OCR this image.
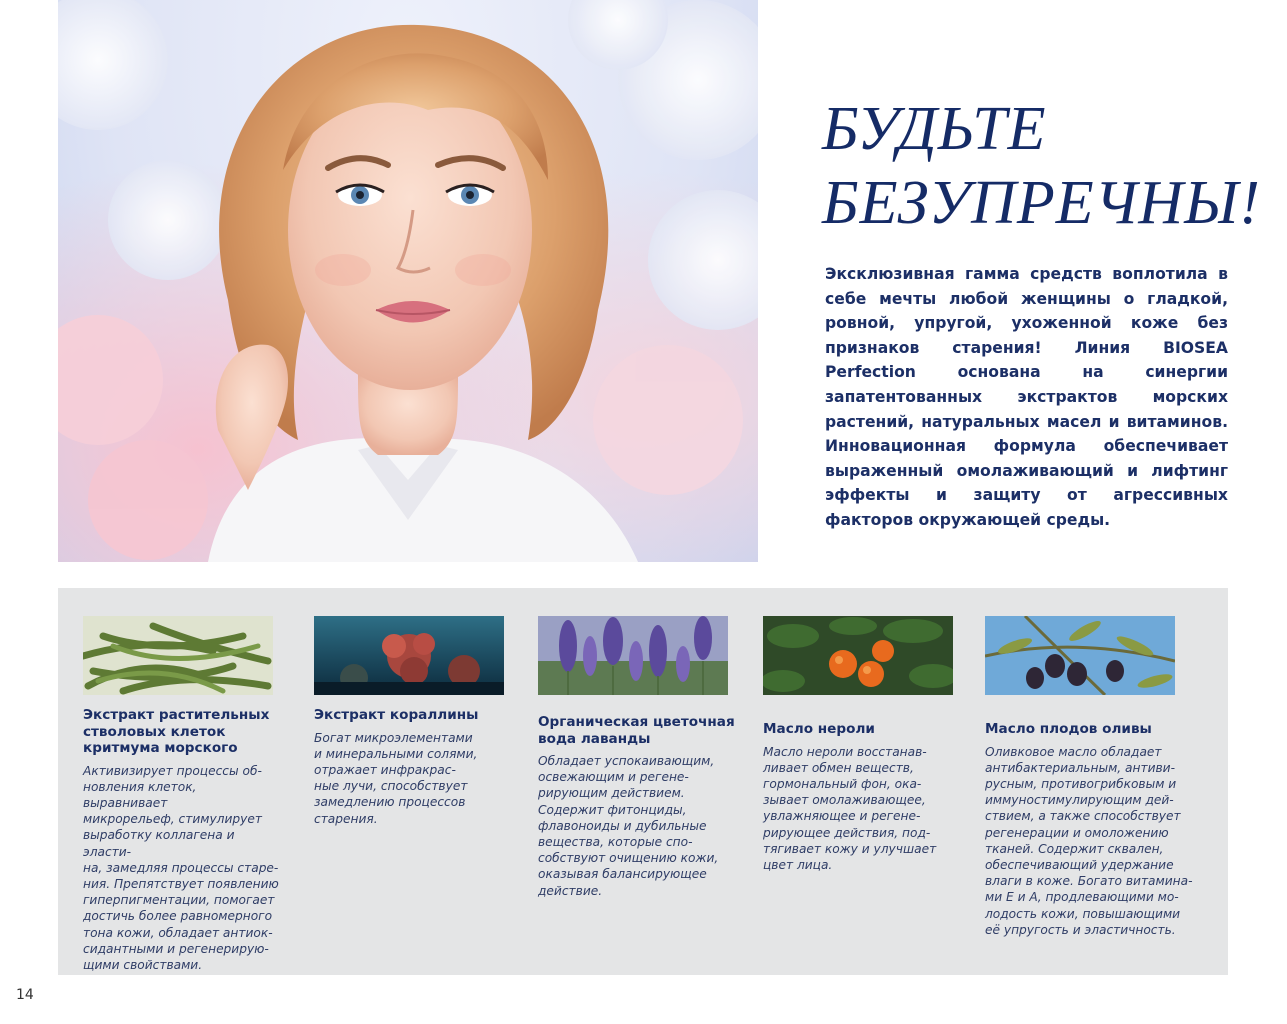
БУДЬТЕ
БЕЗУПРЕЧНЫ!

Эксклюзивная гамма средств воплотила в себе мечты любой женщины о гладкой, ровной, упругой, ухоженной коже без признаков старения! Линия BIOSEA Perfection основана на синергии запатентованных экстрактов морских растений, натуральных масел и витаминов. Инновационная формула обеспечивает выраженный омолаживающий и лифтинг эффекты и защиту от агрессивных факторов окружающей среды.

Экстракт растительных стволовых клеток критмума морского

Активизирует процессы об-
новления клеток, выравнивает
микрорельеф, стимулирует
выработку коллагена и эласти-
на, замедляя процессы старе-
ния. Препятствует появлению
гиперпигментации, помогает
достичь более равномерного
тона кожи, обладает антиок-
сидантными и регенерирую-
щими свойствами.

Экстракт кораллины

Богат микроэлементами
и минеральными солями,
отражает инфракрас-
ные лучи, способствует
замедлению процессов
старения.

Органическая цветочная вода лаванды

Обладает успокаивающим,
освежающим и регене-
рирующим действием.
Содержит фитонциды,
флавоноиды и дубильные
вещества, которые спо-
собствуют очищению кожи,
оказывая балансирующее
действие.

Масло нероли

Масло нероли восстанав-
ливает обмен веществ,
гормональный фон, ока-
зывает омолаживающее,
увлажняющее и регене-
рирующее действия, под-
тягивает кожу и улучшает
цвет лица.

Масло плодов оливы

Оливковое масло обладает
антибактериальным, антиви-
русным, противогрибковым и
иммуностимулирующим дей-
ствием, а также способствует
регенерации и омоложению
тканей. Содержит сквален,
обеспечивающий удержание
влаги в коже. Богато витамина-
ми Е и А, продлевающими мо-
лодость кожи, повышающими
её упругость и эластичность.

14
